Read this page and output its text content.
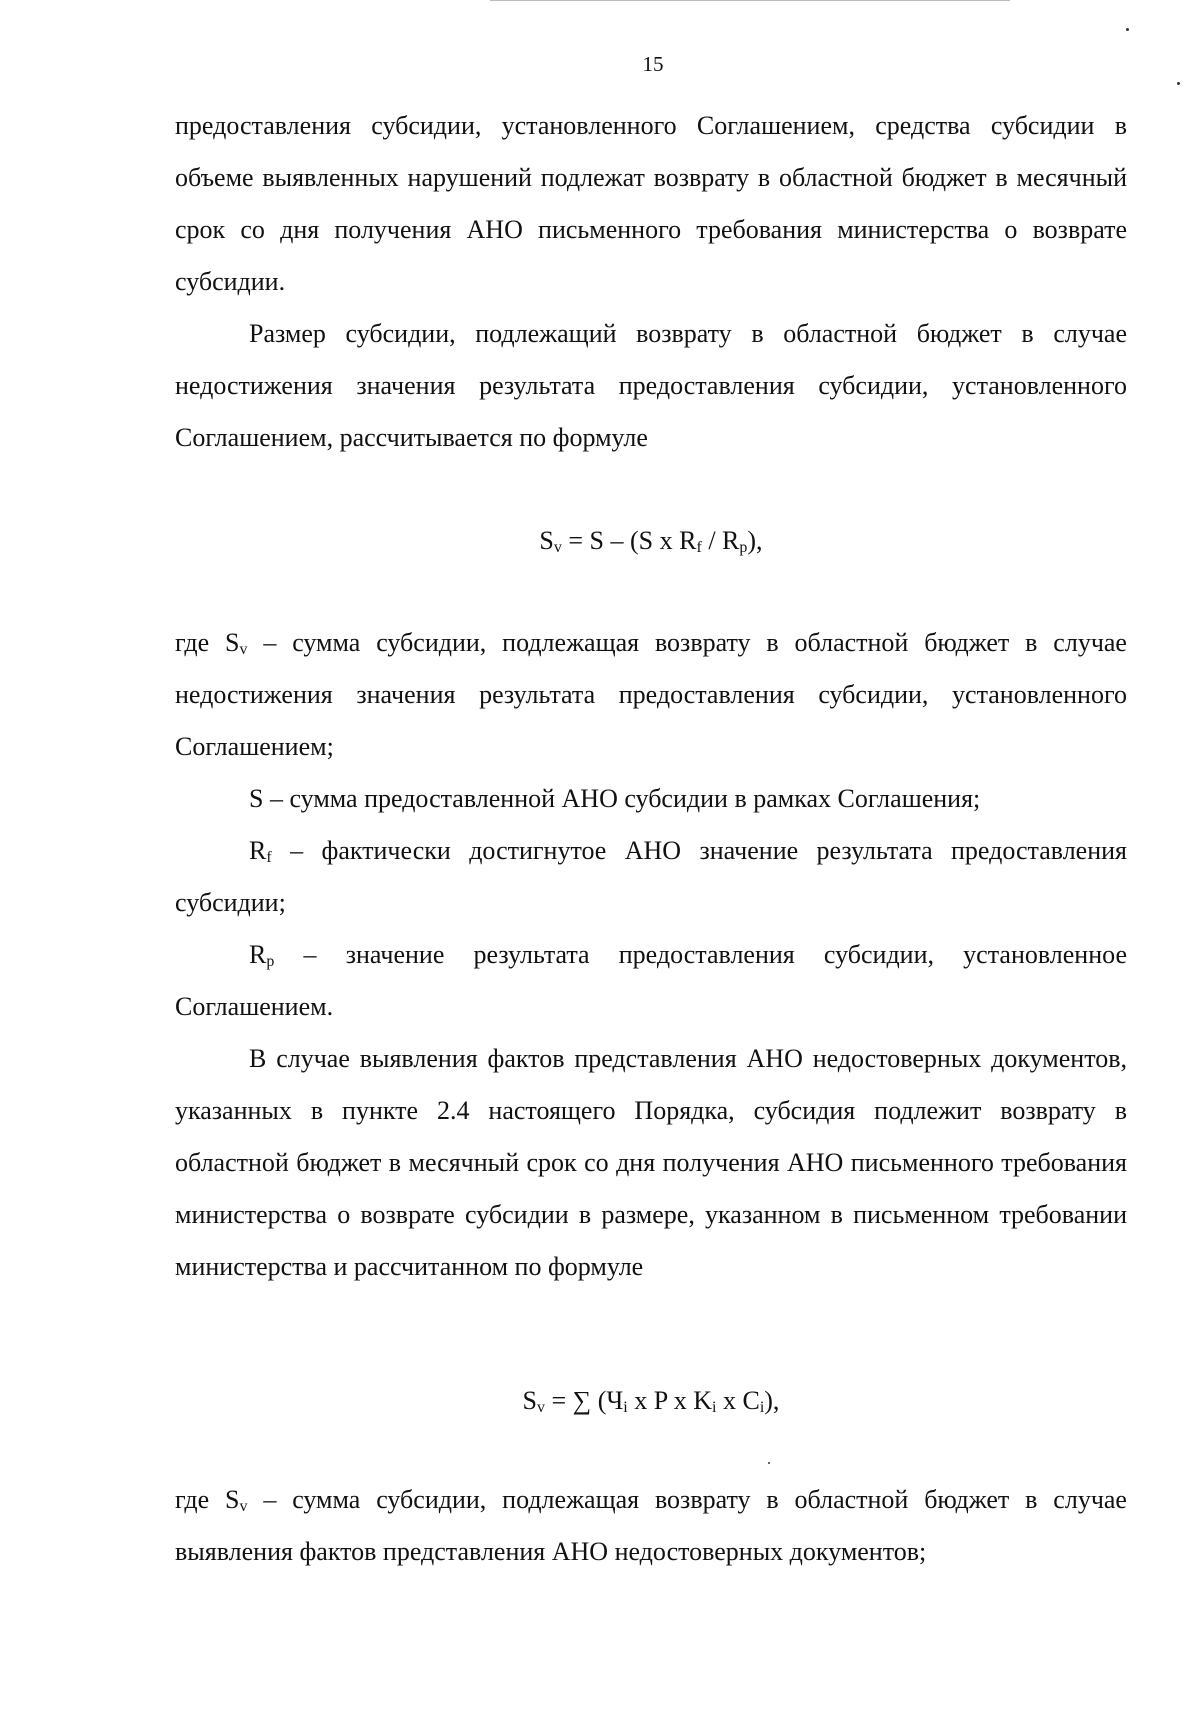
15

предоставления субсидии, установленного Соглашением, средства субсидии в объеме выявленных нарушений подлежат возврату в областной бюджет в месячный срок со дня получения АНО письменного требования министерства о возврате субсидии.

Размер субсидии, подлежащий возврату в областной бюджет в случае недостижения значения результата предоставления субсидии, установленного Соглашением, рассчитывается по формуле

$S_v = S - (S$ x $R_f / R_p$),

где $S_v$ – сумма субсидии, подлежащая возврату в областной бюджет в случае недостижения значения результата предоставления субсидии, установленного Соглашением;

S – сумма предоставленной АНО субсидии в рамках Соглашения;

$R_f$ – фактически достигнутое АНО значение результата предоставления субсидии;

$R_p$ – значение результата предоставления субсидии, установленное Соглашением.

В случае выявления фактов представления АНО недостоверных документов, указанных в пункте 2.4 настоящего Порядка, субсидия подлежит возврату в областной бюджет в месячный срок со дня получения АНО письменного требования министерства о возврате субсидии в размере, указанном в письменном требовании министерства и рассчитанном по формуле

$S_v$ = ∑ ($Ч_i$ x P x $K_i$ x $C_i$),

где $S_v$ – сумма субсидии, подлежащая возврату в областной бюджет в случае выявления фактов представления АНО недостоверных документов;
